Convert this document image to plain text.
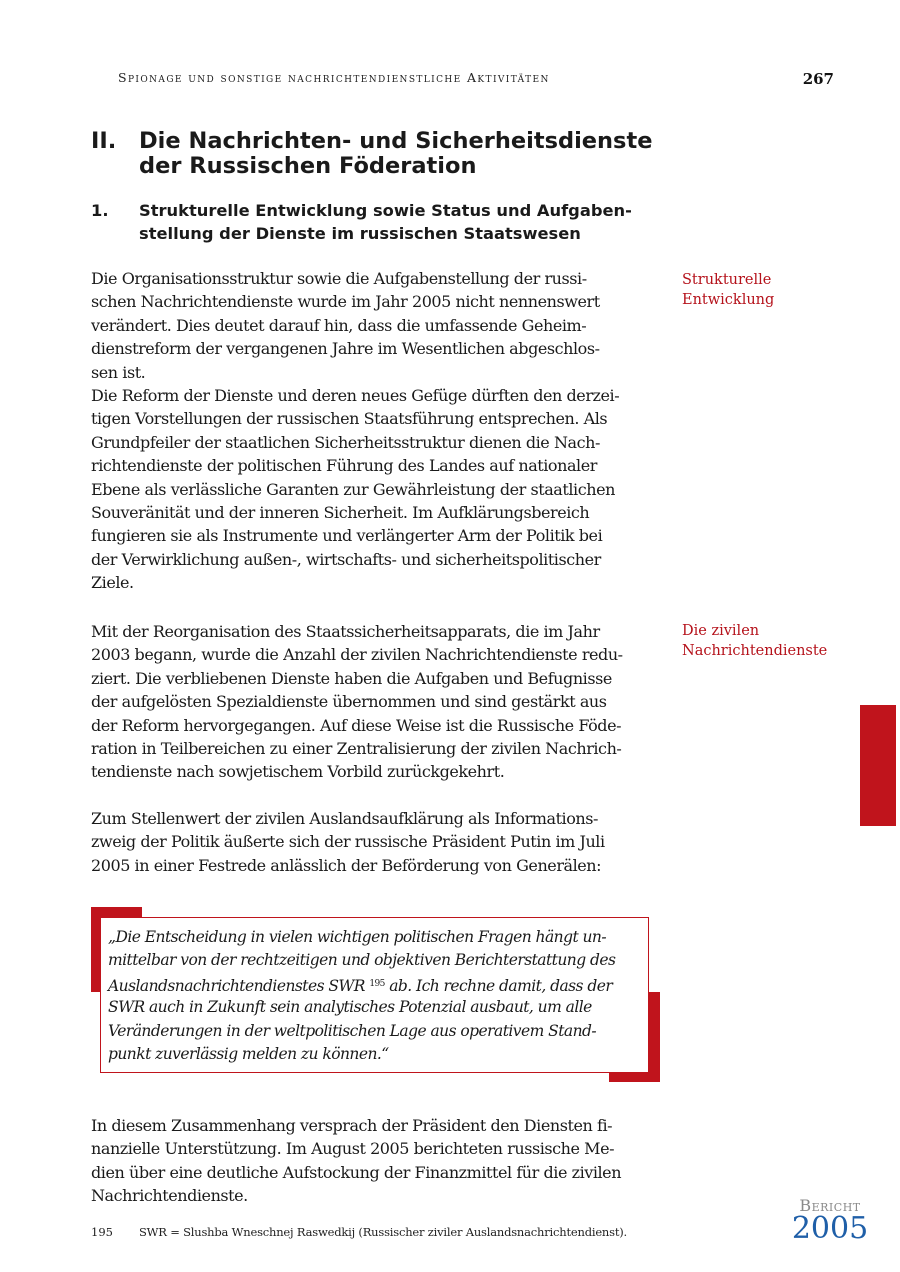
Spionage und sonstige nachrichtendienstliche Aktivitäten	267
II. Die Nachrichten- und Sicherheitsdienste
der Russischen Föderation
1. Strukturelle Entwicklung sowie Status und Aufgaben-
stellung der Dienste im russischen Staatswesen
Die Organisationsstruktur sowie die Aufgabenstellung der russi-
schen Nachrichtendienste wurde im Jahr 2005 nicht nennenswert
verändert. Dies deutet darauf hin, dass die umfassende Geheim-
dienstreform der vergangenen Jahre im Wesentlichen abgeschlos-
sen ist.
Die Reform der Dienste und deren neues Gefüge dürften den derzei-
tigen Vorstellungen der russischen Staatsführung entsprechen. Als
Grundpfeiler der staatlichen Sicherheitsstruktur dienen die Nach-
richtendienste der politischen Führung des Landes auf nationaler
Ebene als verlässliche Garanten zur Gewährleistung der staatlichen
Souveränität und der inneren Sicherheit. Im Aufklärungsbereich
fungieren sie als Instrumente und verlängerter Arm der Politik bei
der Verwirklichung außen-, wirtschafts- und sicherheitspolitischer
Ziele.
Strukturelle
Entwicklung
Mit der Reorganisation des Staatssicherheitsapparats, die im Jahr
2003 begann, wurde die Anzahl der zivilen Nachrichtendienste redu-
ziert. Die verbliebenen Dienste haben die Aufgaben und Befugnisse
der aufgelösten Spezialdienste übernommen und sind gestärkt aus
der Reform hervorgegangen. Auf diese Weise ist die Russische Föde-
ration in Teilbereichen zu einer Zentralisierung der zivilen Nachrich-
tendienste nach sowjetischem Vorbild zurückgekehrt.
Die zivilen
Nachrichtendienste
Zum Stellenwert der zivilen Auslandsaufklärung als Informations-
zweig der Politik äußerte sich der russische Präsident Putin im Juli
2005 in einer Festrede anlässlich der Beförderung von Generälen:
„Die Entscheidung in vielen wichtigen politischen Fragen hängt un-
mittelbar von der rechtzeitigen und objektiven Berichterstattung des
Auslandsnachrichtendienstes SWR $^{195}$ ab. Ich rechne damit, dass der
SWR auch in Zukunft sein analytisches Potenzial ausbaut, um alle
Veränderungen in der weltpolitischen Lage aus operativem Stand-
punkt zuverlässig melden zu können.“
In diesem Zusammenhang versprach der Präsident den Diensten fi-
nanzielle Unterstützung. Im August 2005 berichteten russische Me-
dien über eine deutliche Aufstockung der Finanzmittel für die zivilen
Nachrichtendienste.
195 SWR = Slushba Wneschnej Raswedkij (Russischer ziviler Auslandsnachrichtendienst).
Bericht
2005
